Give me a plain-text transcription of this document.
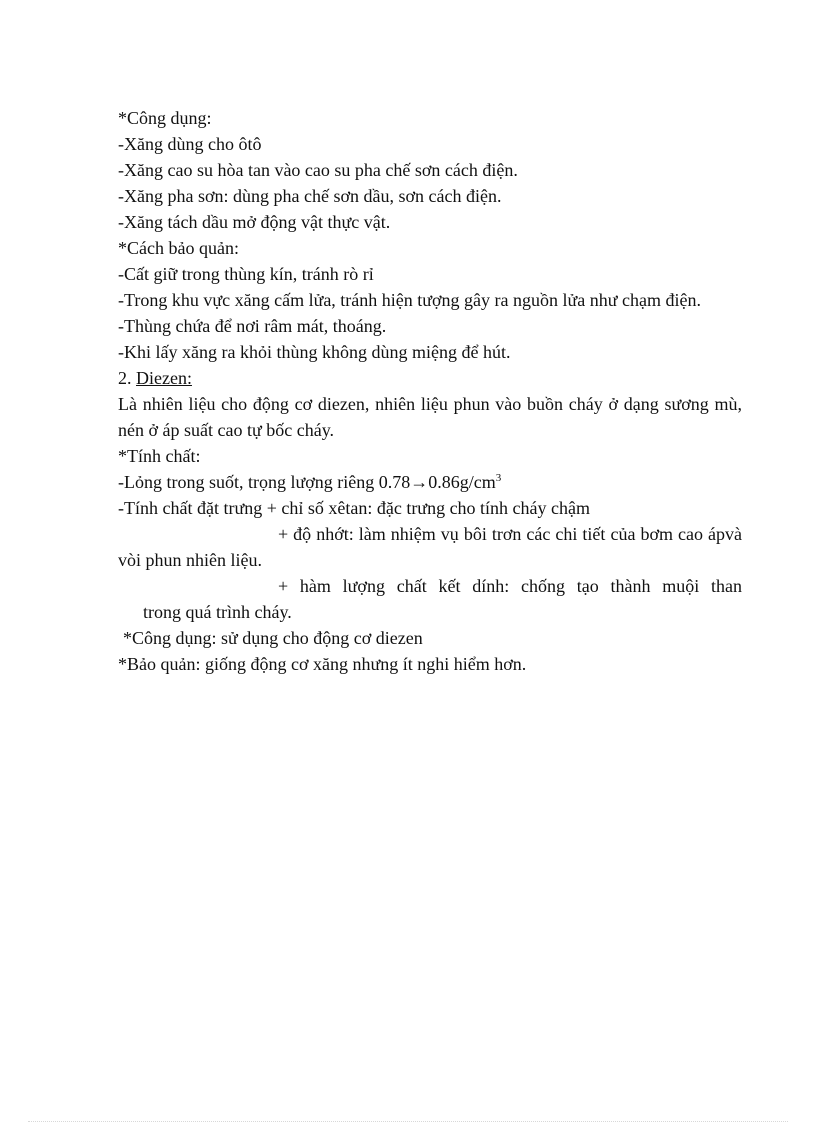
*Công dụng:
-Xăng dùng cho ôtô
-Xăng cao su hòa tan vào cao su pha chế sơn cách điện.
-Xăng pha sơn: dùng pha chế sơn dầu, sơn cách điện.
-Xăng tách dầu mở động vật thực vật.
*Cách bảo quản:
-Cất giữ trong thùng kín, tránh rò rỉ
-Trong khu vực xăng cấm lửa, tránh hiện tượng gây ra nguồn lửa như chạm điện.
-Thùng chứa để nơi râm mát, thoáng.
-Khi lấy xăng ra khỏi thùng không dùng miệng để hút.
2. Diezen:
Là nhiên liệu cho động cơ diezen, nhiên liệu phun vào buồn cháy ở dạng sương mù, nén ở áp suất cao tự bốc cháy.
*Tính chất:
-Lỏng trong suốt, trọng lượng riêng $0.78\to 0.86g/cm^3$
-Tính chất đặt trưng + chỉ số xêtan: đặc trưng cho tính cháy chậm
+ độ nhớt: làm nhiệm vụ bôi trơn các chi tiết của bơm cao ápvà vòi phun nhiên liệu.
+ hàm lượng chất kết dính: chống tạo thành muội than
trong quá trình cháy.
*Công dụng: sử dụng cho động cơ diezen
*Bảo quản: giống động cơ xăng nhưng ít nghi hiểm hơn.
